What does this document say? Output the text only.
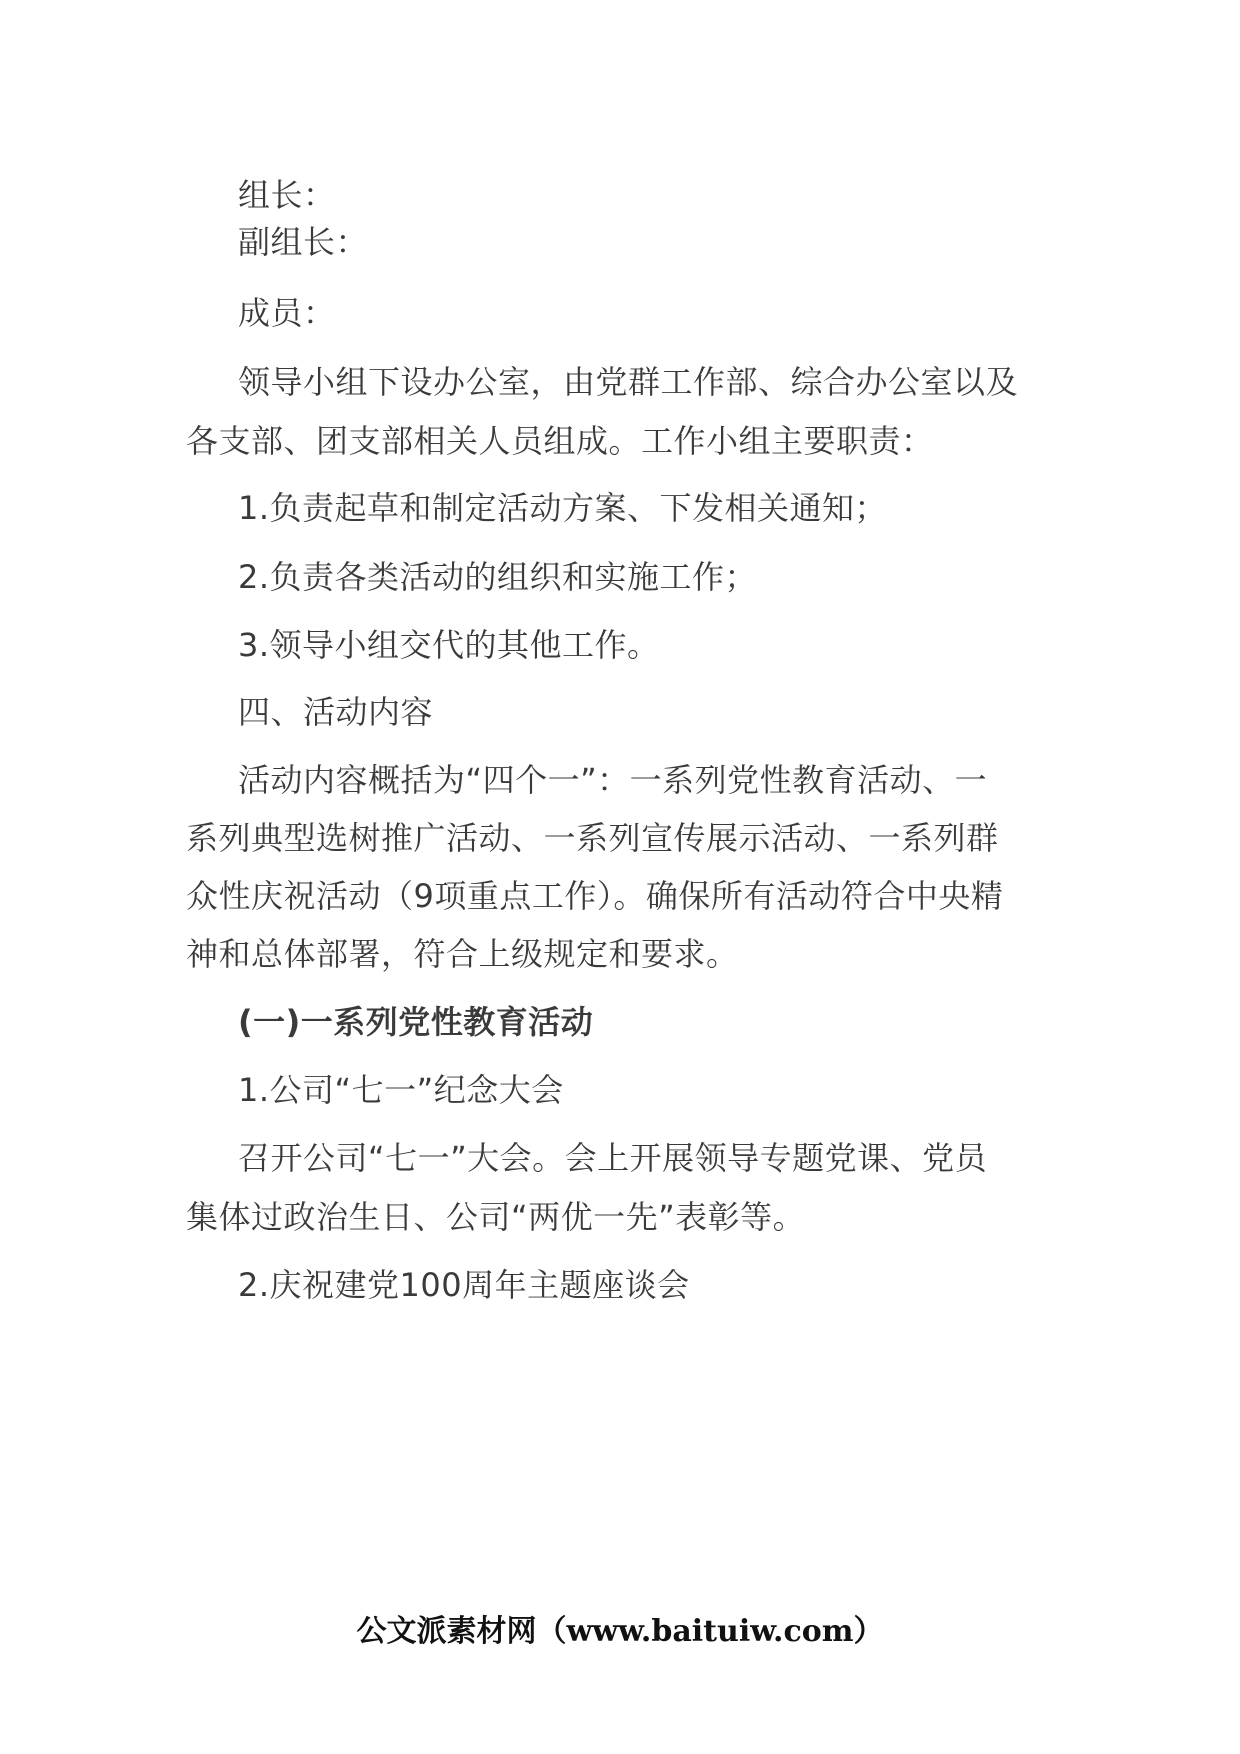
组长：
副组长：
成员：
领导小组下设办公室，由党群工作部、综合办公室以及
各支部、团支部相关人员组成。工作小组主要职责：
1.负责起草和制定活动方案、下发相关通知；
2.负责各类活动的组织和实施工作；
3.领导小组交代的其他工作。
四、活动内容
活动内容概括为“四个一”：一系列党性教育活动、一
系列典型选树推广活动、一系列宣传展示活动、一系列群
众性庆祝活动（9项重点工作）。确保所有活动符合中央精
神和总体部署，符合上级规定和要求。
(一)一系列党性教育活动
1.公司“七一”纪念大会
召开公司“七一”大会。会上开展领导专题党课、党员
集体过政治生日、公司“两优一先”表彰等。
2.庆祝建党100周年主题座谈会
公文派素材网（www.baituiw.com）
